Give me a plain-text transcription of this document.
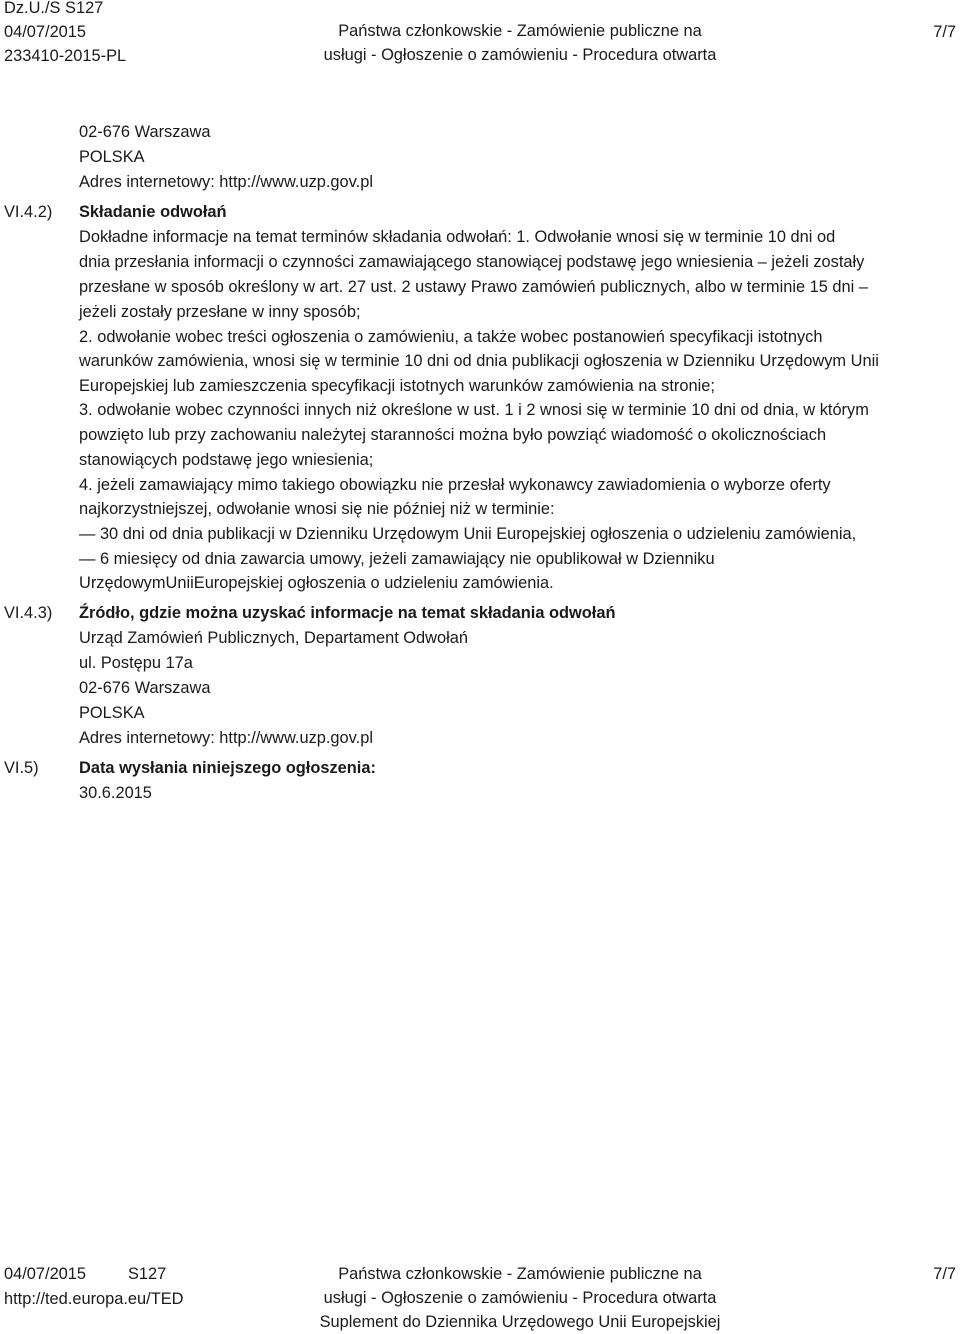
Dz.U./S S127
04/07/2015
233410-2015-PL
Państwa członkowskie - Zamówienie publiczne na
usługi - Ogłoszenie o zamówieniu - Procedura otwarta
7/7
02-676 Warszawa
POLSKA
Adres internetowy: http://www.uzp.gov.pl
VI.4.2) Składanie odwołań
Dokładne informacje na temat terminów składania odwołań: 1. Odwołanie wnosi się w terminie 10 dni od
dnia przesłania informacji o czynności zamawiającego stanowiącej podstawę jego wniesienia – jeżeli zostały
przesłane w sposób określony w art. 27 ust. 2 ustawy Prawo zamówień publicznych, albo w terminie 15 dni –
jeżeli zostały przesłane w inny sposób;
2. odwołanie wobec treści ogłoszenia o zamówieniu, a także wobec postanowień specyfikacji istotnych
warunków zamówienia, wnosi się w terminie 10 dni od dnia publikacji ogłoszenia w Dzienniku Urzędowym Unii
Europejskiej lub zamieszczenia specyfikacji istotnych warunków zamówienia na stronie;
3. odwołanie wobec czynności innych niż określone w ust. 1 i 2 wnosi się w terminie 10 dni od dnia, w którym
powzięto lub przy zachowaniu należytej staranności można było powziąć wiadomość o okolicznościach
stanowiących podstawę jego wniesienia;
4. jeżeli zamawiający mimo takiego obowiązku nie przesłał wykonawcy zawiadomienia o wyborze oferty
najkorzystniejszej, odwołanie wnosi się nie później niż w terminie:
— 30 dni od dnia publikacji w Dzienniku Urzędowym Unii Europejskiej ogłoszenia o udzieleniu zamówienia,
— 6 miesięcy od dnia zawarcia umowy, jeżeli zamawiający nie opublikował w Dzienniku
UrzędowymUniiEuropejskiej ogłoszenia o udzieleniu zamówienia.
VI.4.3) Źródło, gdzie można uzyskać informacje na temat składania odwołań
Urząd Zamówień Publicznych, Departament Odwołań
ul. Postępu 17a
02-676 Warszawa
POLSKA
Adres internetowy: http://www.uzp.gov.pl
VI.5) Data wysłania niniejszego ogłoszenia:
30.6.2015
04/07/2015	S127
http://ted.europa.eu/TED
Państwa członkowskie - Zamówienie publiczne na
usługi - Ogłoszenie o zamówieniu - Procedura otwarta
Suplement do Dziennika Urzędowego Unii Europejskiej
7/7
